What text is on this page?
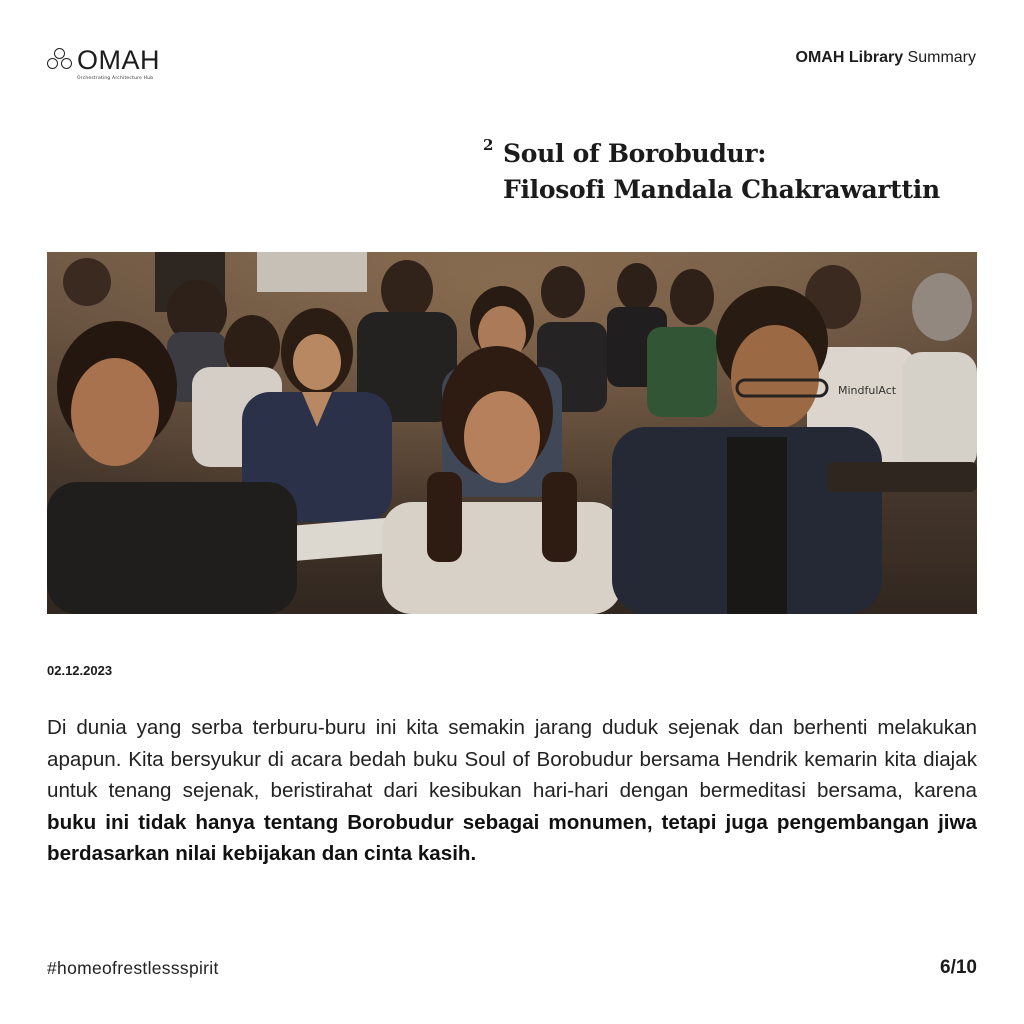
OMAH
Orchestrating Architecture Hub
OMAH Library Summary
2 Soul of Borobudur:
Filosofi Mandala Chakrawarttin
MindfulAct
02.12.2023
Di dunia yang serba terburu-buru ini kita semakin jarang duduk sejenak dan berhenti melakukan apapun. Kita bersyukur di acara bedah buku Soul of Borobudur bersama Hendrik kemarin kita diajak untuk tenang sejenak, beristirahat dari kesibukan hari-hari dengan bermeditasi bersama, karena buku ini tidak hanya tentang Borobudur sebagai monumen, tetapi juga pengembangan jiwa berdasarkan nilai kebijakan dan cinta kasih.
#homeofrestlessspirit	6/10
